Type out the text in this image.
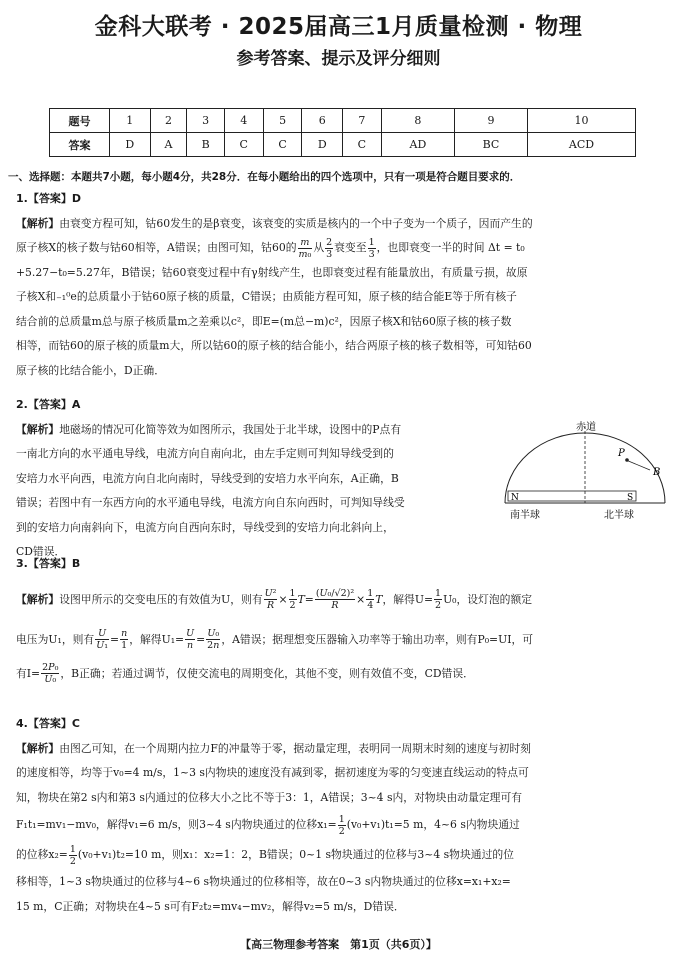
金科大联考 · 2025届高三1月质量检测 · 物理
参考答案、提示及评分细则
题号	1	2	3	4	5	6	7	8	9	10
答案	D	A	B	C	C	D	C	AD	BC	ACD
一、选择题：本题共7小题，每小题4分，共28分．在每小题给出的四个选项中，只有一项是符合题目要求的．
1.【答案】D

【解析】由衰变方程可知，钴60发生的是β衰变，该衰变的实质是核内的一个中子变为一个质子，因而产生的

原子核X的核子数与钴60相等，A错误；由图可知，钴60的 $\frac{m}{\text{m₀}}$ 从 $\frac{2}{3}$ 衰变至 $\frac{1}{3}$ ，也即衰变一半的时间 Δt = t₀

+5.27−t₀=5.27年，B错误；钴60衰变过程中有γ射线产生，也即衰变过程有能量放出，有质量亏损，故原

子核X和₋₁⁰e的总质量小于钴60原子核的质量，C错误；由质能方程可知，原子核的结合能E等于所有核子

结合前的总质量m总与原子核质量m之差乘以c²，即E=(m总−m)c²，因原子核X和钴60原子核的核子数

相等，而钴60的原子核的质量m大，所以钴60的原子核的结合能小，结合两原子核的核子数相等，可知钴60

原子核的比结合能小，D正确．

2.【答案】A

【解析】地磁场的情况可化简等效为如图所示，我国处于北半球，设图中的P点有

一南北方向的水平通电导线，电流方向自南向北，由左手定则可判知导线受到的

安培力水平向西，电流方向自北向南时，导线受到的安培力水平向东，A正确，B

错误；若图中有一东西方向的水平通电导线，电流方向自东向西时，可判知导线受

到的安培力向南斜向下，电流方向自西向东时，导线受到的安培力向北斜向上，

CD错误．

赤道
P
B
N	S
南半球	北半球
3.【答案】B

【解析】设图甲所示的交变电压的有效值为U，则有 $\frac{\text{U²}}{R} \times \frac{1}{2} T= \frac{\text{(U₀/√2)²}}{R} \times \frac{1}{4}$ T，解得$U= \frac{1}{2} U_0$，设灯泡的额定

电压为U₁，则有 $\frac{U}{\text{U₁}} = \frac{n}{1}$ ，解得$U_1= \frac{U}{n} = \frac{\text{U₀}}{2n}$ ，A错误；据理想变压器输入功率等于输出功率，则有P₀=UI，可

有$I= \frac{\text{2P₀}}{\text{U₀}}$ ，B正确；若通过调节，仅使交流电的周期变化，其他不变，则有效值不变，CD错误．

4.【答案】C

【解析】由图乙可知，在一个周期内拉力F的冲量等于零，据动量定理，表明同一周期末时刻的速度与初时刻

的速度相等，均等于v₀=4 m/s，1~3 s内物块的速度没有减到零，据初速度为零的匀变速直线运动的特点可

知，物块在第2 s内和第3 s内通过的位移大小之比不等于3：1，A错误；3~4 s内，对物块由动量定理可有

F₁t₁=mv₁−mv₀，解得v₁=6 m/s，则3~4 s内物块通过的位移$x_1= \frac{1}{2} (v_0+v_1)t_1=5$ m，4~6 s内物块通过

的位移$x_2= \frac{1}{2} (v_0+v_1)t_2=10$ m，则x₁：x₂=1：2，B错误；0~1 s物块通过的位移与3~4 s物块通过的位

移相等，1~3 s物块通过的位移与4~6 s物块通过的位移相等，故在0~3 s内物块通过的位移x=x₁+x₂=

15 m，C正确；对物块在4~5 s可有F₂t₂=mv₄−mv₂，解得v₂=5 m/s，D错误．

【高三物理参考答案　第1页（共6页）】
